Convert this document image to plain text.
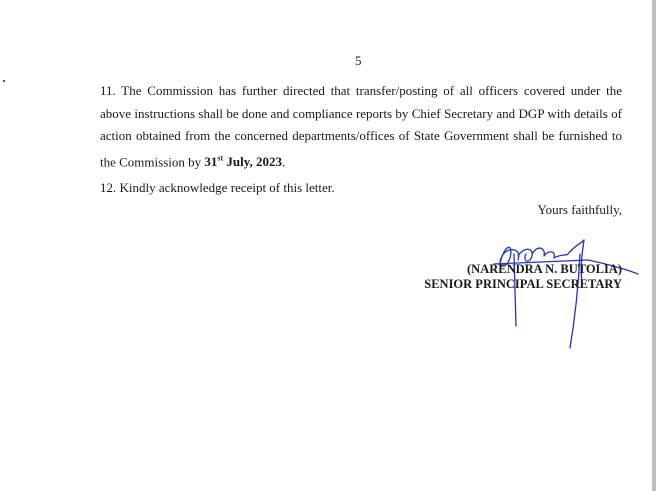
5

11. The Commission has further directed that transfer/posting of all officers covered under the above instructions shall be done and compliance reports by Chief Secretary and DGP with details of action obtained from the concerned departments/offices of State Government shall be furnished to the Commission by 31st July, 2023.

12. Kindly acknowledge receipt of this letter.

Yours faithfully,
(NARENDRA N. BUTOLIA)
SENIOR PRINCIPAL SECRETARY
